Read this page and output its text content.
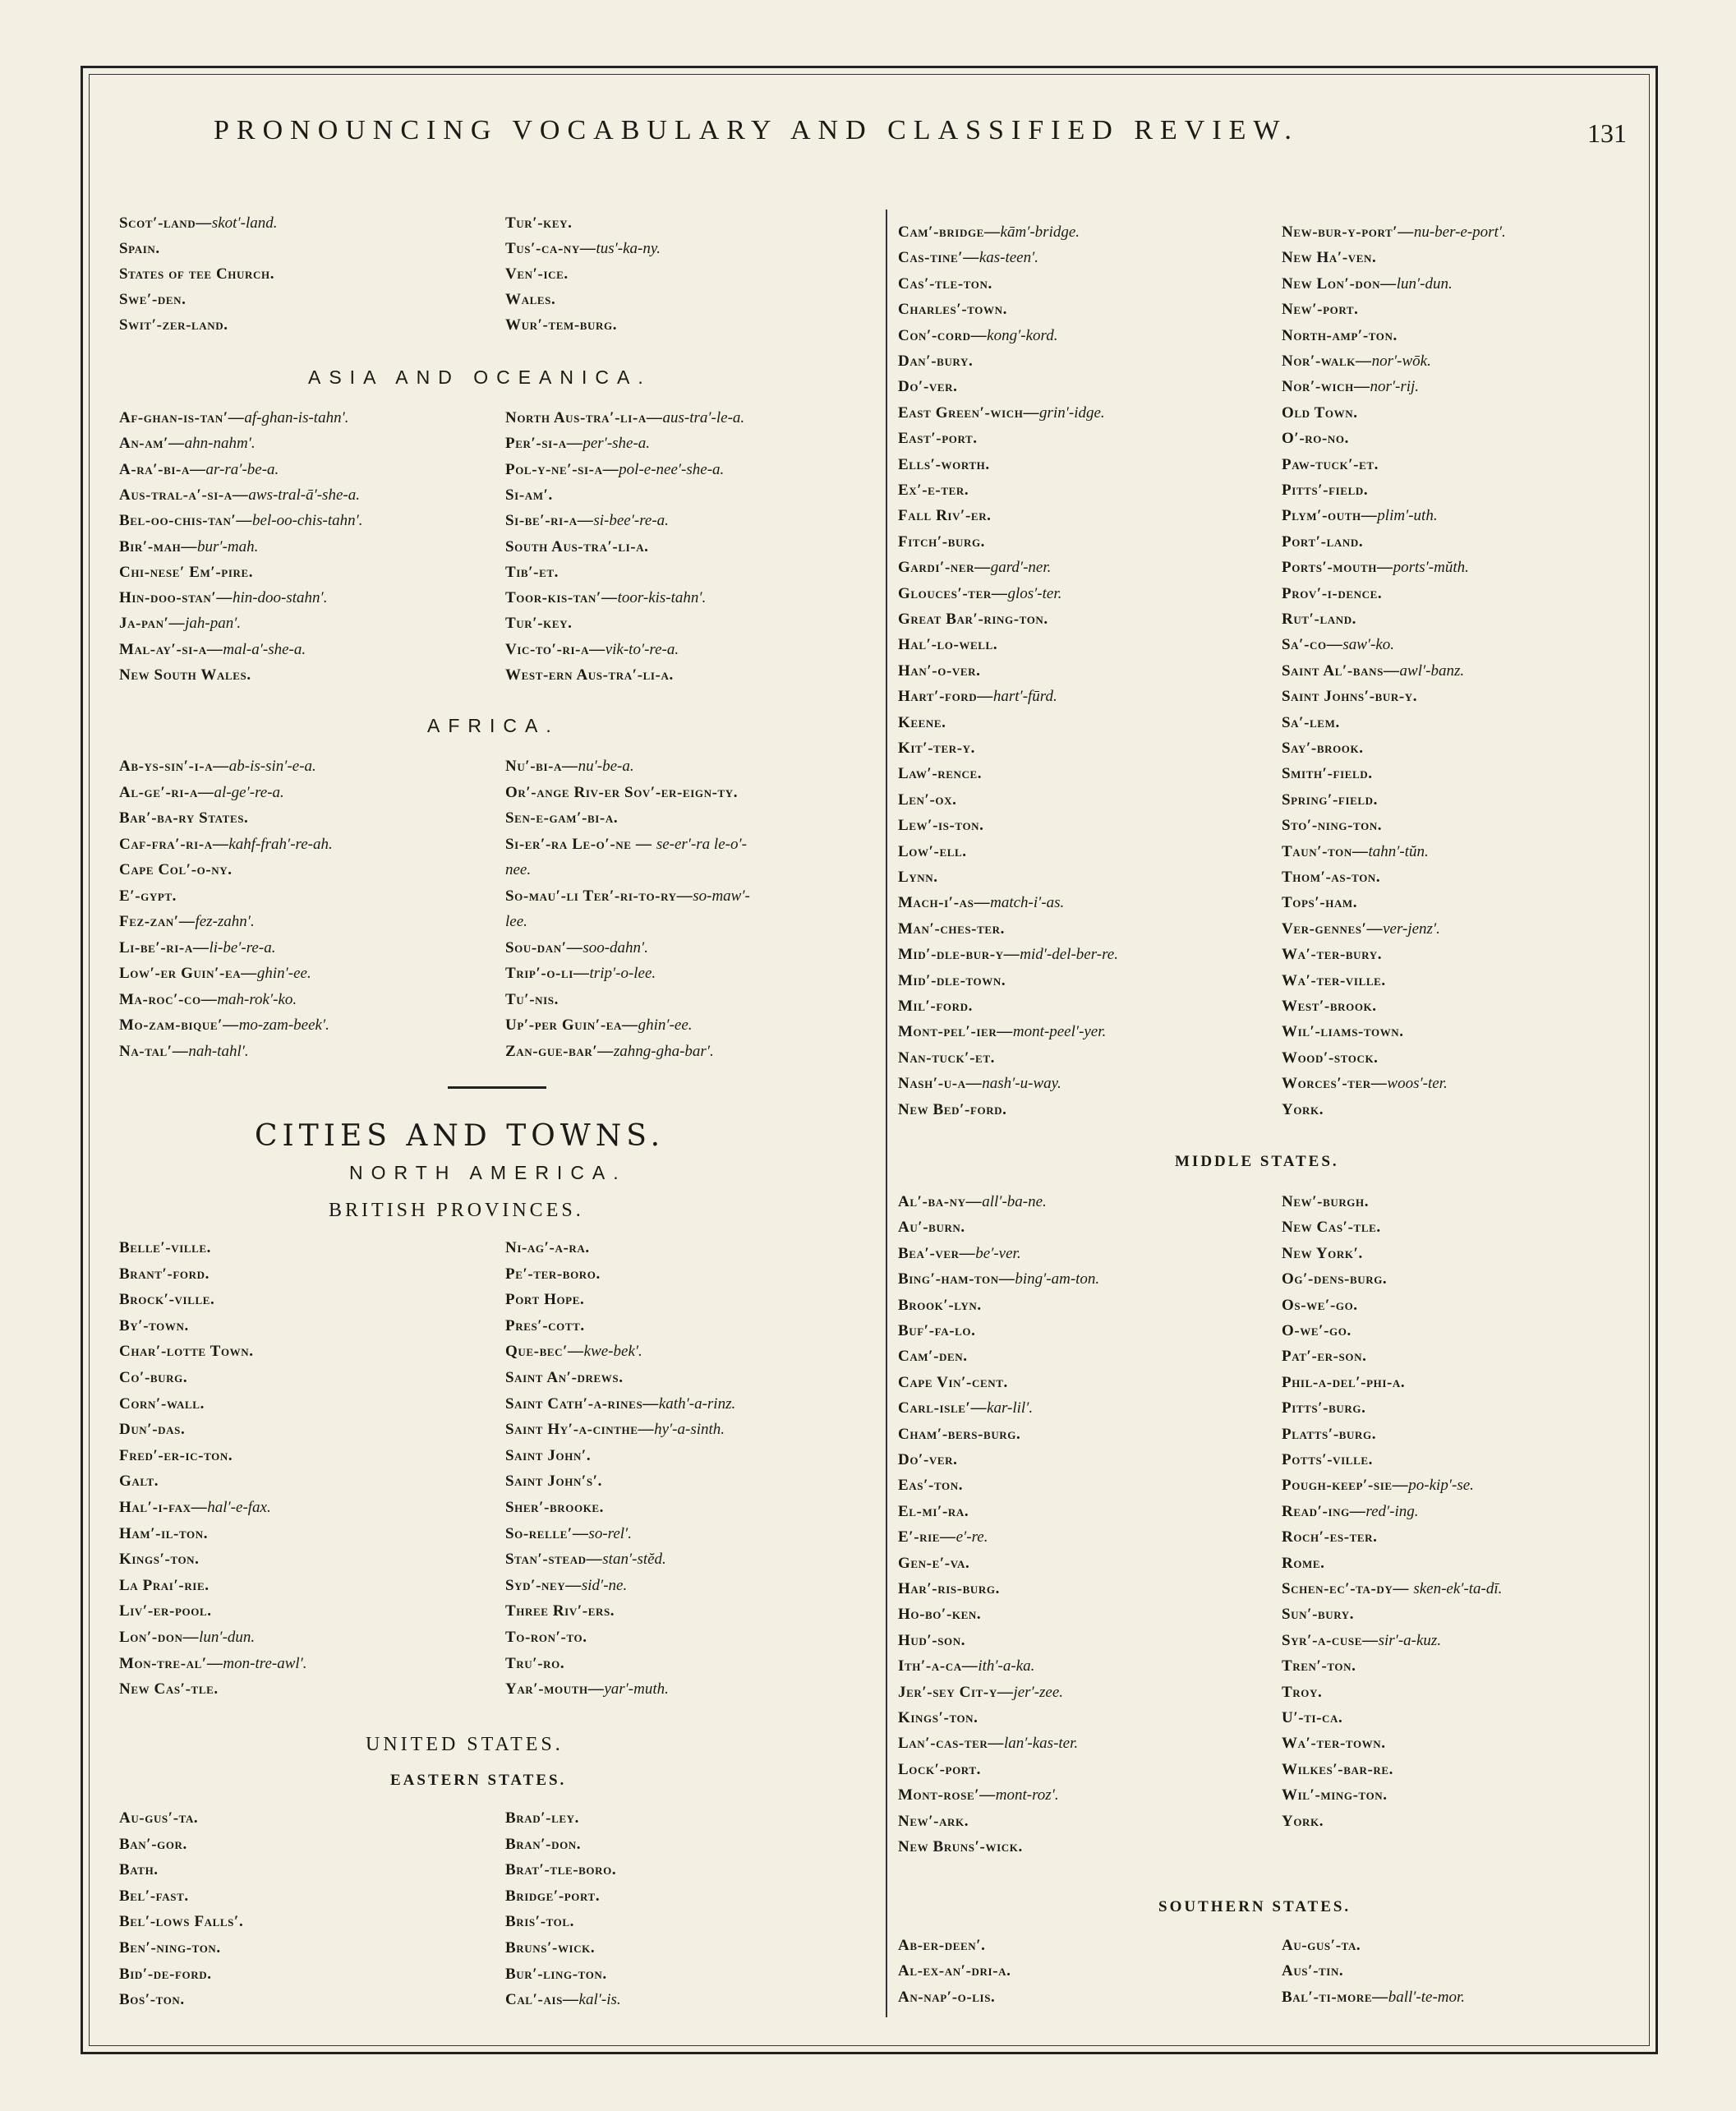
PRONOUNCING VOCABULARY AND CLASSIFIED REVIEW.	131
ASIA AND OCEANICA.
AFRICA.
CITIES AND TOWNS.
NORTH AMERICA.
BRITISH PROVINCES.
UNITED STATES.
EASTERN STATES.
MIDDLE STATES.
SOUTHERN STATES.
Scot′-land—skot′-land.
Spain.
States of tee Church.
Swe′-den.
Swit′-zer-land.
Tur′-key.
Tus′-ca-ny—tus′-ka-ny.
Ven′-ice.
Wales.
Wur′-tem-burg.
Af-ghan-is-tan′—af-ghan-is-tahn′.
An-am′—ahn-nahm′.
A-ra′-bi-a—ar-ra′-be-a.
Aus-tral-a′-si-a—aws-tral-ā′-she-a.
Bel-oo-chis-tan′—bel-oo-chis-tahn′.
Bir′-mah—bur′-mah.
Chi-nese′ Em′-pire.
Hin-doo-stan′—hin-doo-stahn′.
Ja-pan′—jah-pan′.
Mal-ay′-si-a—mal-a′-she-a.
New South Wales.
North Aus-tra′-li-a—aus-tra′-le-a.
Per′-si-a—per′-she-a.
Pol-y-ne′-si-a—pol-e-nee′-she-a.
Si-am′.
Si-be′-ri-a—si-bee′-re-a.
South Aus-tra′-li-a.
Tib′-et.
Toor-kis-tan′—toor-kis-tahn′.
Tur′-key.
Vic-to′-ri-a—vik-to′-re-a.
West-ern Aus-tra′-li-a.
Ab-ys-sin′-i-a—ab-is-sin′-e-a.
Al-ge′-ri-a—al-ge′-re-a.
Bar′-ba-ry States.
Caf-fra′-ri-a—kahf-frah′-re-ah.
Cape Col′-o-ny.
E′-gypt.
Fez-zan′—fez-zahn′.
Li-be′-ri-a—li-be′-re-a.
Low′-er Guin′-ea—ghin′-ee.
Ma-roc′-co—mah-rok′-ko.
Mo-zam-bique′—mo-zam-beek′.
Na-tal′—nah-tahl′.
Nu′-bi-a—nu′-be-a.
Or′-ange Riv-er Sov′-er-eign-ty.
Sen-e-gam′-bi-a.
Si-er′-ra Le-o′-ne — se-er′-ra le-o′-
nee.
So-mau′-li Ter′-ri-to-ry—so-maw′-
lee.
Sou-dan′—soo-dahn′.
Trip′-o-li—trip′-o-lee.
Tu′-nis.
Up′-per Guin′-ea—ghin′-ee.
Zan-gue-bar′—zahng-gha-bar′.
Belle′-ville.
Brant′-ford.
Brock′-ville.
By′-town.
Char′-lotte Town.
Co′-burg.
Corn′-wall.
Dun′-das.
Fred′-er-ic-ton.
Galt.
Hal′-i-fax—hal′-e-fax.
Ham′-il-ton.
Kings′-ton.
La Prai′-rie.
Liv′-er-pool.
Lon′-don—lun′-dun.
Mon-tre-al′—mon-tre-awl′.
New Cas′-tle.
Ni-ag′-a-ra.
Pe′-ter-boro.
Port Hope.
Pres′-cott.
Que-bec′—kwe-bek′.
Saint An′-drews.
Saint Cath′-a-rines—kath′-a-rinz.
Saint Hy′-a-cinthe—hy′-a-sinth.
Saint John′.
Saint John′s′.
Sher′-brooke.
So-relle′—so-rel′.
Stan′-stead—stan′-stĕd.
Syd′-ney—sid′-ne.
Three Riv′-ers.
To-ron′-to.
Tru′-ro.
Yar′-mouth—yar′-muth.
Au-gus′-ta.
Ban′-gor.
Bath.
Bel′-fast.
Bel′-lows Falls′.
Ben′-ning-ton.
Bid′-de-ford.
Bos′-ton.
Brad′-ley.
Bran′-don.
Brat′-tle-boro.
Bridge′-port.
Bris′-tol.
Bruns′-wick.
Bur′-ling-ton.
Cal′-ais—kal′-is.
Cam′-bridge—kām′-bridge.
Cas-tine′—kas-teen′.
Cas′-tle-ton.
Charles′-town.
Con′-cord—kong′-kord.
Dan′-bury.
Do′-ver.
East Green′-wich—grin′-idge.
East′-port.
Ells′-worth.
Ex′-e-ter.
Fall Riv′-er.
Fitch′-burg.
Gardi′-ner—gard′-ner.
Glouces′-ter—glos′-ter.
Great Bar′-ring-ton.
Hal′-lo-well.
Han′-o-ver.
Hart′-ford—hart′-fūrd.
Keene.
Kit′-ter-y.
Law′-rence.
Len′-ox.
Lew′-is-ton.
Low′-ell.
Lynn.
Mach-i′-as—match-i′-as.
Man′-ches-ter.
Mid′-dle-bur-y—mid′-del-ber-re.
Mid′-dle-town.
Mil′-ford.
Mont-pel′-ier—mont-peel′-yer.
Nan-tuck′-et.
Nash′-u-a—nash′-u-way.
New Bed′-ford.
New-bur-y-port′—nu-ber-e-port′.
New Ha′-ven.
New Lon′-don—lun′-dun.
New′-port.
North-amp′-ton.
Nor′-walk—nor′-wōk.
Nor′-wich—nor′-rij.
Old Town.
O′-ro-no.
Paw-tuck′-et.
Pitts′-field.
Plym′-outh—plim′-uth.
Port′-land.
Ports′-mouth—ports′-mŭth.
Prov′-i-dence.
Rut′-land.
Sa′-co—saw′-ko.
Saint Al′-bans—awl′-banz.
Saint Johns′-bur-y.
Sa′-lem.
Say′-brook.
Smith′-field.
Spring′-field.
Sto′-ning-ton.
Taun′-ton—tahn′-tŭn.
Thom′-as-ton.
Tops′-ham.
Ver-gennes′—ver-jenz′.
Wa′-ter-bury.
Wa′-ter-ville.
West′-brook.
Wil′-liams-town.
Wood′-stock.
Worces′-ter—woos′-ter.
York.
Al′-ba-ny—all′-ba-ne.
Au′-burn.
Bea′-ver—be′-ver.
Bing′-ham-ton—bing′-am-ton.
Brook′-lyn.
Buf′-fa-lo.
Cam′-den.
Cape Vin′-cent.
Carl-isle′—kar-lil′.
Cham′-bers-burg.
Do′-ver.
Eas′-ton.
El-mi′-ra.
E′-rie—e′-re.
Gen-e′-va.
Har′-ris-burg.
Ho-bo′-ken.
Hud′-son.
Ith′-a-ca—ith′-a-ka.
Jer′-sey Cit-y—jer′-zee.
Kings′-ton.
Lan′-cas-ter—lan′-kas-ter.
Lock′-port.
Mont-rose′—mont-roz′.
New′-ark.
New Bruns′-wick.
New′-burgh.
New Cas′-tle.
New York′.
Og′-dens-burg.
Os-we′-go.
O-we′-go.
Pat′-er-son.
Phil-a-del′-phi-a.
Pitts′-burg.
Platts′-burg.
Potts′-ville.
Pough-keep′-sie—po-kip′-se.
Read′-ing—red′-ing.
Roch′-es-ter.
Rome.
Schen-ec′-ta-dy— sken-ek′-ta-dī.
Sun′-bury.
Syr′-a-cuse—sir′-a-kuz.
Tren′-ton.
Troy.
U′-ti-ca.
Wa′-ter-town.
Wilkes′-bar-re.
Wil′-ming-ton.
York.
Ab-er-deen′.
Al-ex-an′-dri-a.
An-nap′-o-lis.
Au-gus′-ta.
Aus′-tin.
Bal′-ti-more—ball′-te-mor.
